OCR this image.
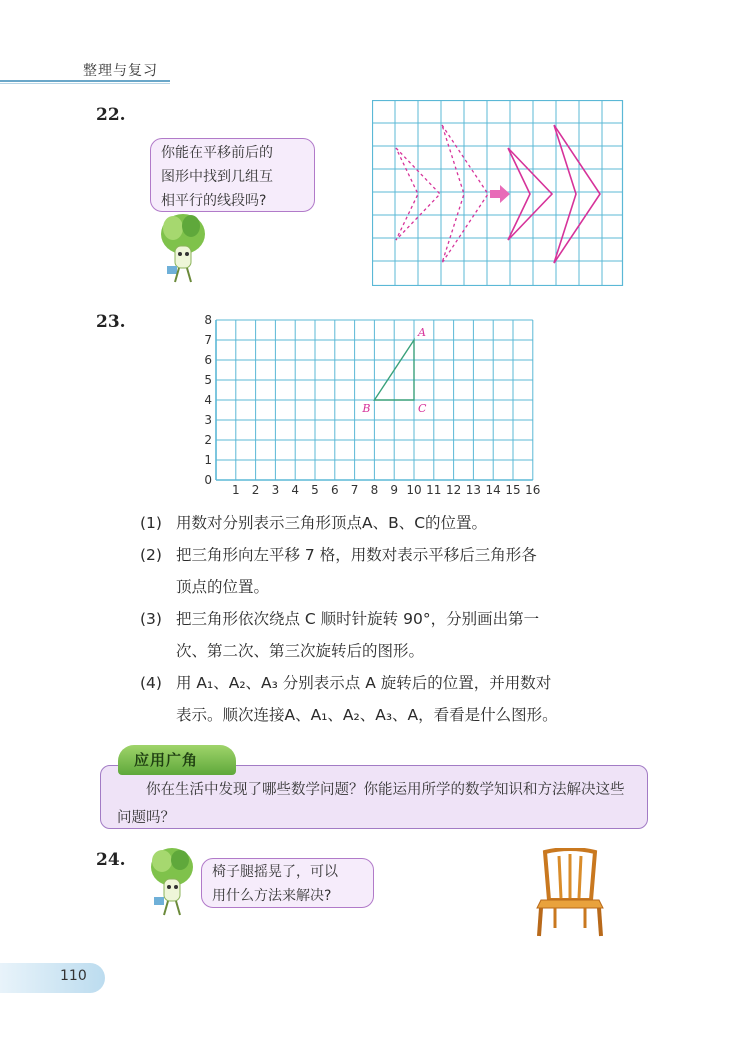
整理与复习
22.
你能在平移前后的
图形中找到几组互
相平行的线段吗?
23.
1 2 3 4 5 6 7 8 9 10 11 12 13 14 15 16
0
1
2
3
4
5
6
7
8
A
B	C
(1) 用数对分别表示三角形顶点A、B、C的位置。
(2) 把三角形向左平移 7 格，用数对表示平移后三角形各
顶点的位置。
(3) 把三角形依次绕点 C 顺时针旋转 90°，分别画出第一
次、第二次、第三次旋转后的图形。
(4) 用 A₁、A₂、A₃ 分别表示点 A 旋转后的位置，并用数对
表示。顺次连接A、A₁、A₂、A₃、A，看看是什么图形。
你在生活中发现了哪些数学问题？你能运用所学的数学知识和方法解决这些问题吗？
应用广角
24.
椅子腿摇晃了，可以
用什么方法来解决?
110
